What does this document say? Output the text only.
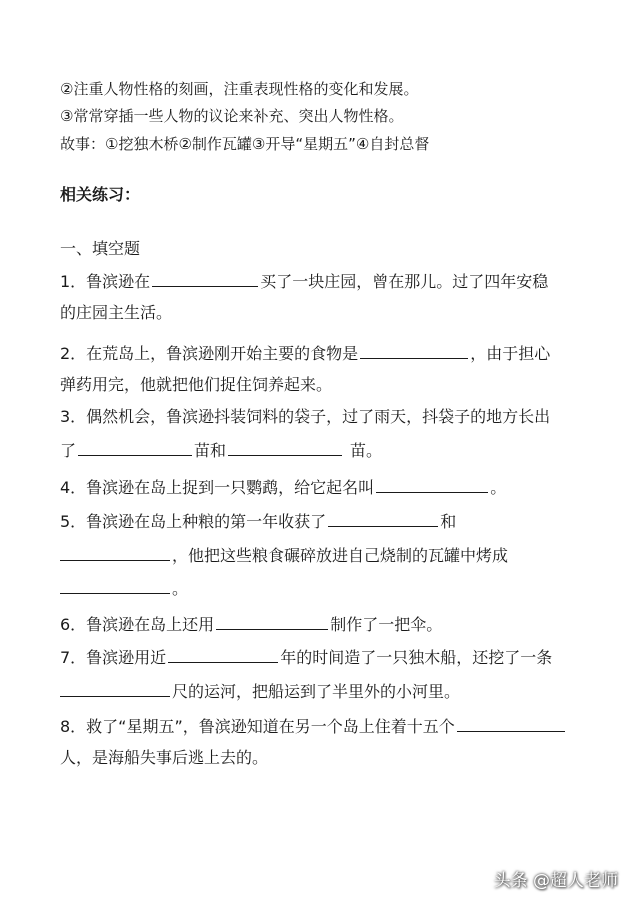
②注重人物性格的刻画，注重表现性格的变化和发展。
③常常穿插一些人物的议论来补充、突出人物性格。
故事：①挖独木桥②制作瓦罐③开导“星期五”④自封总督
相关练习：
一、填空题
1．鲁滨逊在	买了一块庄园，曾在那儿。过了四年安稳
的庄园主生活。
2．在荒岛上，鲁滨逊刚开始主要的食物是	，由于担心
弹药用完，他就把他们捉住饲养起来。
3．偶然机会，鲁滨逊抖装饲料的袋子，过了雨天，抖袋子的地方长出
了	苗和	苗。
4．鲁滨逊在岛上捉到一只鹦鹉，给它起名叫	。
5．鲁滨逊在岛上种粮的第一年收获了	和
，他把这些粮食碾碎放进自己烧制的瓦罐中烤成
。
6．鲁滨逊在岛上还用	制作了一把伞。
7．鲁滨逊用近	年的时间造了一只独木船，还挖了一条
尺的运河，把船运到了半里外的小河里。
8．救了“星期五”，鲁滨逊知道在另一个岛上住着十五个
人，是海船失事后逃上去的。
头条 @超人老师
